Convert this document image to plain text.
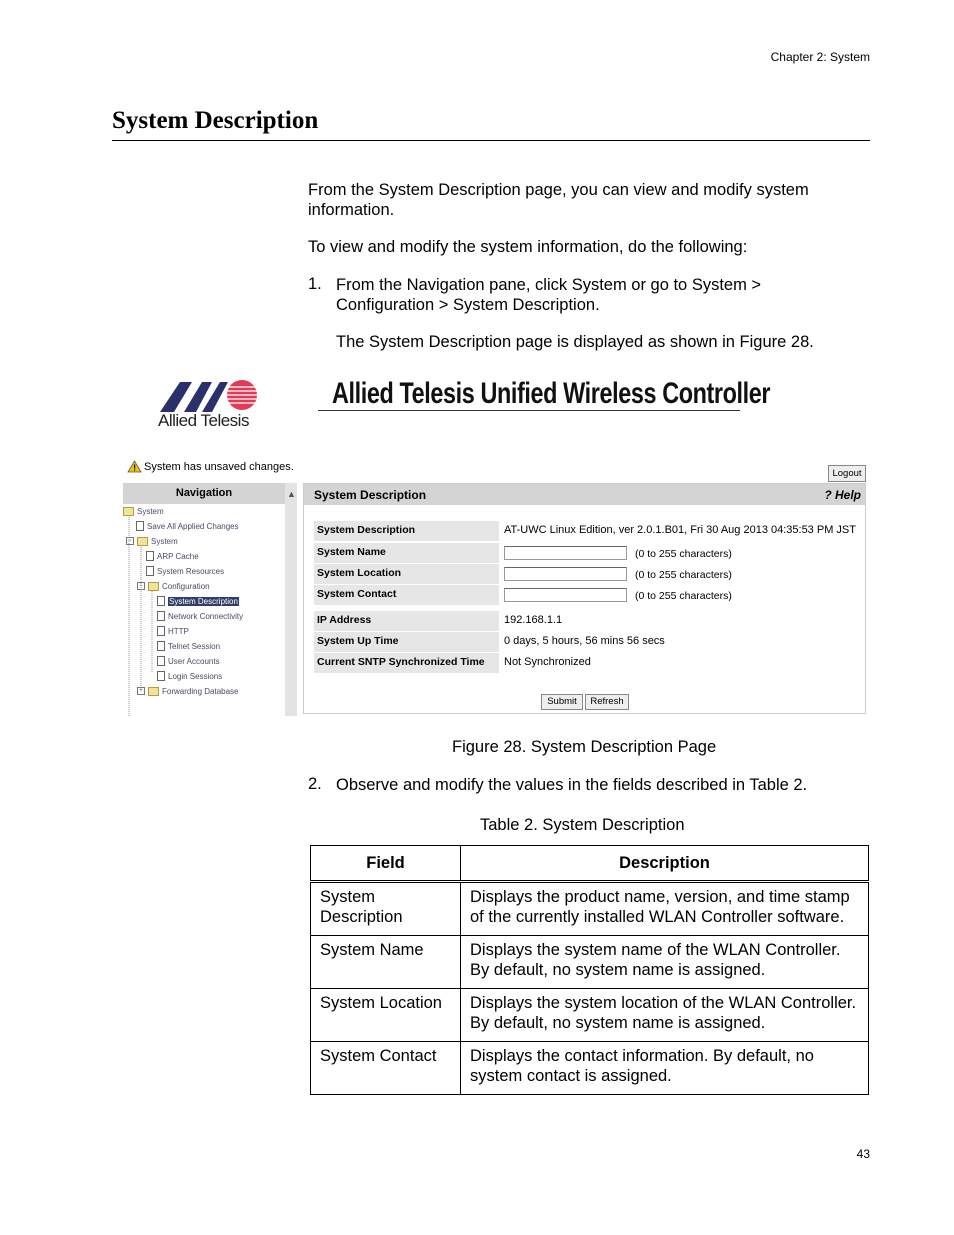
Chapter 2: System
System Description
From the System Description page, you can view and modify system information.
To view and modify the system information, do the following:
1. From the Navigation pane, click System or go to System > Configuration > System Description.
The System Description page is displayed as shown in Figure 28.
Allied Telesis
Allied Telesis Unified Wireless Controller
System has unsaved changes.
Logout
Navigation	▲
System
Save All Applied Changes
− System
ARP Cache
System Resources
− Configuration
System Description
Network Connectivity
HTTP
Telnet Session
User Accounts
Login Sessions
+ Forwarding Database
System Description	? Help
System Description	AT-UWC Linux Edition, ver 2.0.1.B01, Fri 30 Aug 2013 04:35:53 PM JST
System Name	(0 to 255 characters)
System Location	(0 to 255 characters)
System Contact	(0 to 255 characters)
IP Address	192.168.1.1
System Up Time	0 days, 5 hours, 56 mins 56 secs
Current SNTP Synchronized Time	Not Synchronized
Submit	Refresh
Figure 28. System Description Page
2. Observe and modify the values in the fields described in Table 2.
Table 2. System Description
Field	Description
System Description	Displays the product name, version, and time stamp of the currently installed WLAN Controller software.
System Name	Displays the system name of the WLAN Controller. By default, no system name is assigned.
System Location	Displays the system location of the WLAN Controller. By default, no system name is assigned.
System Contact	Displays the contact information. By default, no system contact is assigned.
43
